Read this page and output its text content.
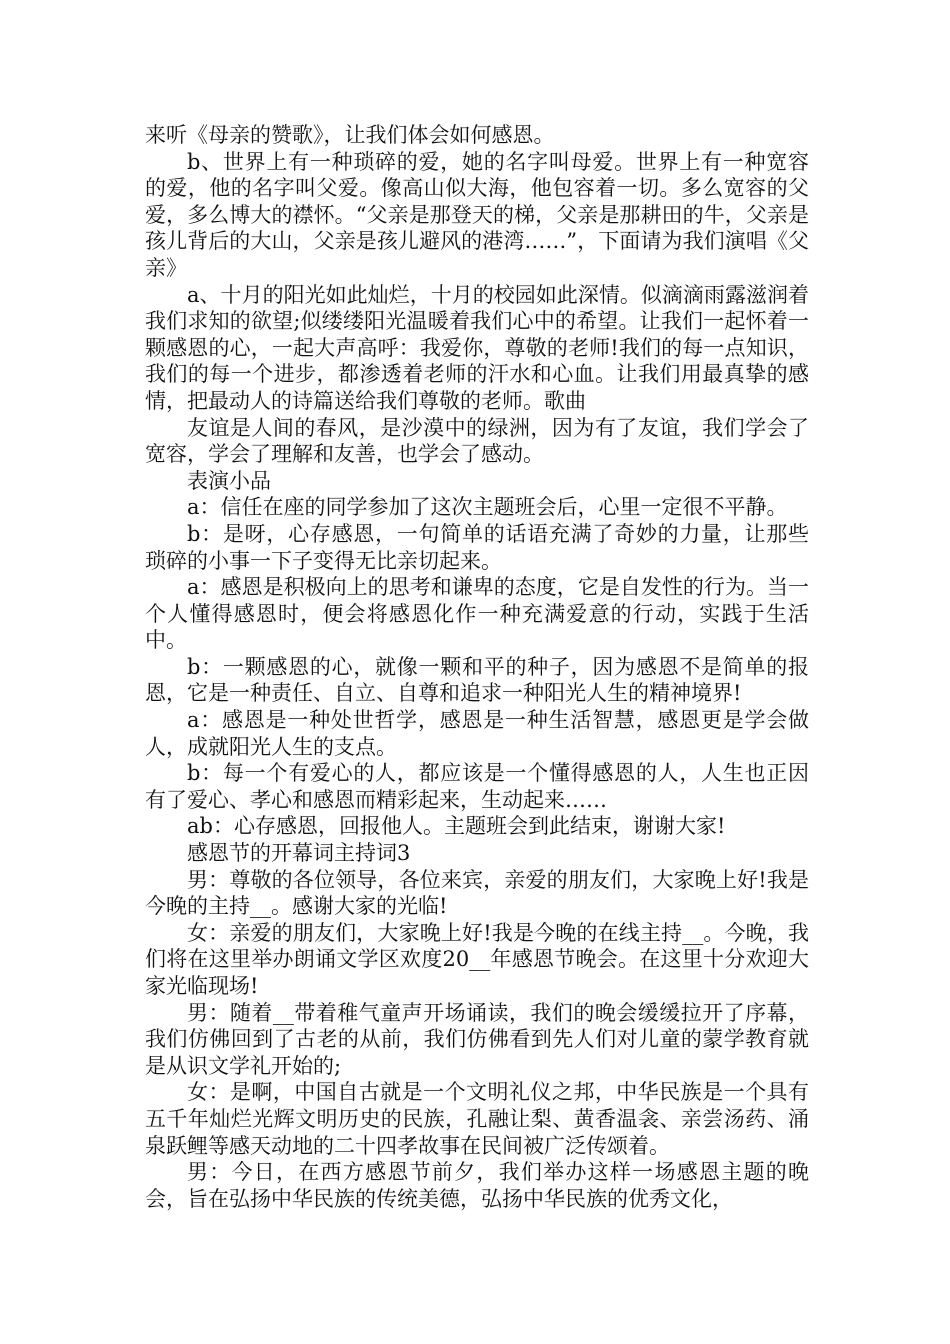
来听《母亲的赞歌》，让我们体会如何感恩。

b、世界上有一种琐碎的爱，她的名字叫母爱。世界上有一种宽容的爱，他的名字叫父爱。像高山似大海，他包容着一切。多么宽容的父爱，多么博大的襟怀。“父亲是那登天的梯，父亲是那耕田的牛，父亲是孩儿背后的大山，父亲是孩儿避风的港湾……”，下面请为我们演唱《父亲》

a、十月的阳光如此灿烂，十月的校园如此深情。似滴滴雨露滋润着我们求知的欲望;似缕缕阳光温暖着我们心中的希望。让我们一起怀着一颗感恩的心，一起大声高呼：我爱你，尊敬的老师!我们的每一点知识，我们的每一个进步，都渗透着老师的汗水和心血。让我们用最真挚的感情，把最动人的诗篇送给我们尊敬的老师。歌曲

友谊是人间的春风，是沙漠中的绿洲，因为有了友谊，我们学会了宽容，学会了理解和友善，也学会了感动。

表演小品

a：信任在座的同学参加了这次主题班会后，心里一定很不平静。

b：是呀，心存感恩，一句简单的话语充满了奇妙的力量，让那些琐碎的小事一下子变得无比亲切起来。

a：感恩是积极向上的思考和谦卑的态度，它是自发性的行为。当一个人懂得感恩时，便会将感恩化作一种充满爱意的行动，实践于生活中。

b：一颗感恩的心，就像一颗和平的种子，因为感恩不是简单的报恩，它是一种责任、自立、自尊和追求一种阳光人生的精神境界!

a：感恩是一种处世哲学，感恩是一种生活智慧，感恩更是学会做人，成就阳光人生的支点。

b：每一个有爱心的人，都应该是一个懂得感恩的人，人生也正因有了爱心、孝心和感恩而精彩起来，生动起来……

ab：心存感恩，回报他人。主题班会到此结束，谢谢大家!

感恩节的开幕词主持词3

男：尊敬的各位领导，各位来宾，亲爱的朋友们，大家晚上好!我是今晚的主持__。感谢大家的光临!

女：亲爱的朋友们，大家晚上好!我是今晚的在线主持__。今晚，我们将在这里举办朗诵文学区欢度20__年感恩节晚会。在这里十分欢迎大家光临现场!

男：随着__带着稚气童声开场诵读，我们的晚会缓缓拉开了序幕，我们仿佛回到了古老的从前，我们仿佛看到先人们对儿童的蒙学教育就是从识文学礼开始的;

女：是啊，中国自古就是一个文明礼仪之邦，中华民族是一个具有五千年灿烂光辉文明历史的民族，孔融让梨、黄香温衾、亲尝汤药、涌泉跃鲤等感天动地的二十四孝故事在民间被广泛传颂着。

男：今日，在西方感恩节前夕，我们举办这样一场感恩主题的晚会，旨在弘扬中华民族的传统美德，弘扬中华民族的优秀文化，
